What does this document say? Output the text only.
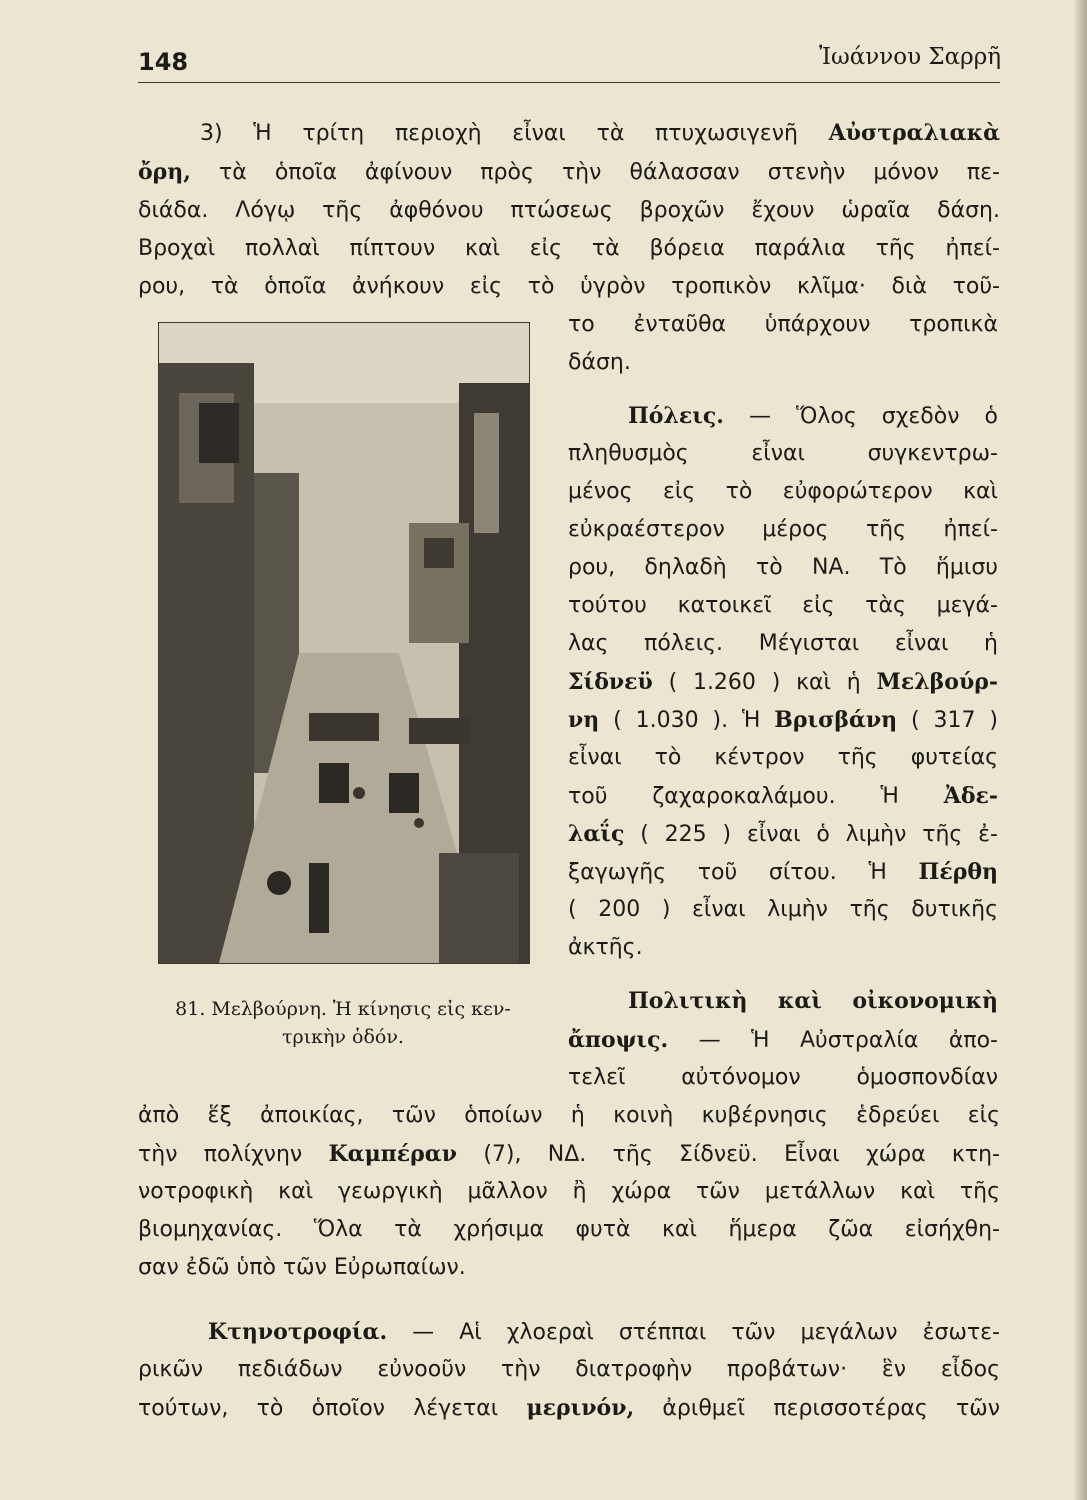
148	Ἰωάννου Σαρρῆ
3) Ἡ τρίτη περιοχὴ εἶναι τὰ πτυχωσιγενῆ Αὐστραλιακὰ
ὄρη, τὰ ὁποῖα ἀφίνουν πρὸς τὴν θάλασσαν στενὴν μόνον πε-
διάδα. Λόγῳ τῆς ἀφθόνου πτώσεως βροχῶν ἔχουν ὡραῖα δάση.
Βροχαὶ πολλαὶ πίπτουν καὶ εἰς τὰ βόρεια παράλια τῆς ἠπεί-
ρου, τὰ ὁποῖα ἀνήκουν εἰς τὸ ὑγρὸν τροπικὸν κλῖμα· διὰ τοῦ-
το ἐνταῦθα ὑπάρχουν τροπικὰ
δάση.
Πόλεις. — Ὅλος σχεδὸν ὁ
πληθυσμὸς εἶναι συγκεντρω-
μένος εἰς τὸ εὐφορώτερον καὶ
εὐκραέστερον μέρος τῆς ἠπεί-
ρου, δηλαδὴ τὸ ΝΑ. Τὸ ἥμισυ
τούτου κατοικεῖ εἰς τὰς μεγά-
λας πόλεις. Μέγισται εἶναι ἡ
Σίδνεϋ ( 1.260 ) καὶ ἡ Μελβούρ-
νη ( 1.030 ). Ἡ Βρισβάνη ( 317 )
εἶναι τὸ κέντρον τῆς φυτείας
τοῦ ζαχαροκαλάμου. Ἡ Ἀδε-
λαΐς ( 225 ) εἶναι ὁ λιμὴν τῆς ἐ-
ξαγωγῆς τοῦ σίτου. Ἡ Πέρθη
( 200 ) εἶναι λιμὴν τῆς δυτικῆς
ἀκτῆς.
81. Μελβούρνη. Ἡ κίνησις εἰς κεν-
τρικὴν ὁδόν.
Πολιτικὴ καὶ οἰκονομικὴ
ἄποψις. — Ἡ Αὐστραλία ἀπο-
τελεῖ αὐτόνομον ὁμοσπονδίαν
ἀπὸ ἕξ ἀποικίας, τῶν ὁποίων ἡ κοινὴ κυβέρνησις ἑδρεύει εἰς
τὴν πολίχνην Καμπέραν (7), ΝΔ. τῆς Σίδνεϋ. Εἶναι χώρα κτη-
νοτροφικὴ καὶ γεωργικὴ μᾶλλον ἢ χώρα τῶν μετάλλων καὶ τῆς
βιομηχανίας. Ὅλα τὰ χρήσιμα φυτὰ καὶ ἥμερα ζῶα εἰσήχθη-
σαν ἐδῶ ὑπὸ τῶν Εὐρωπαίων.
Κτηνοτροφία. — Αἱ χλοεραὶ στέππαι τῶν μεγάλων ἐσωτε-
ρικῶν πεδιάδων εὐνοοῦν τὴν διατροφὴν προβάτων· ἓν εἶδος
τούτων, τὸ ὁποῖον λέγεται μερινόν, ἀριθμεῖ περισσοτέρας τῶν
